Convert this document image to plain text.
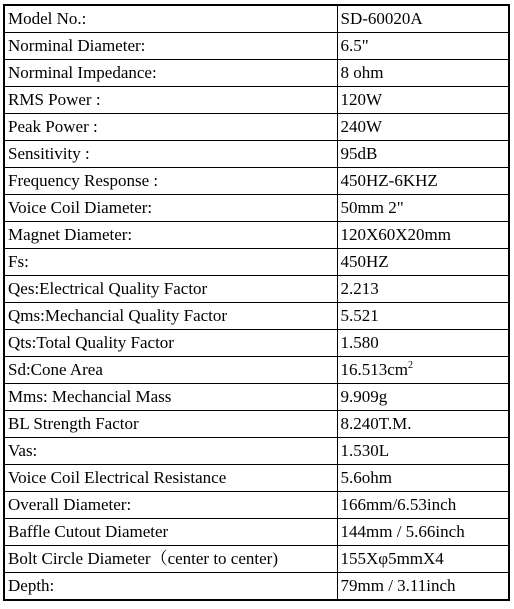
Model No.:	SD-60020A
Norminal Diameter:	6.5"
Norminal Impedance:	8 ohm
RMS Power :	120W
Peak Power :	240W
Sensitivity :	95dB
Frequency Response :	450HZ-6KHZ
Voice Coil Diameter:	50mm 2"
Magnet Diameter:	120X60X20mm
Fs:	450HZ
Qes:Electrical Quality Factor	2.213
Qms:Mechancial Quality Factor	5.521
Qts:Total Quality Factor	1.580
Sd:Cone Area	$16.513cm^2$
Mms: Mechancial Mass	9.909g
BL Strength Factor	8.240T.M.
Vas:	1.530L
Voice Coil Electrical Resistance	5.6ohm
Overall Diameter:	166mm/6.53inch
Baffle Cutout Diameter	144mm / 5.66inch
Bolt Circle Diameter（center to center)	155Xφ5mmX4
Depth:	79mm / 3.11inch
